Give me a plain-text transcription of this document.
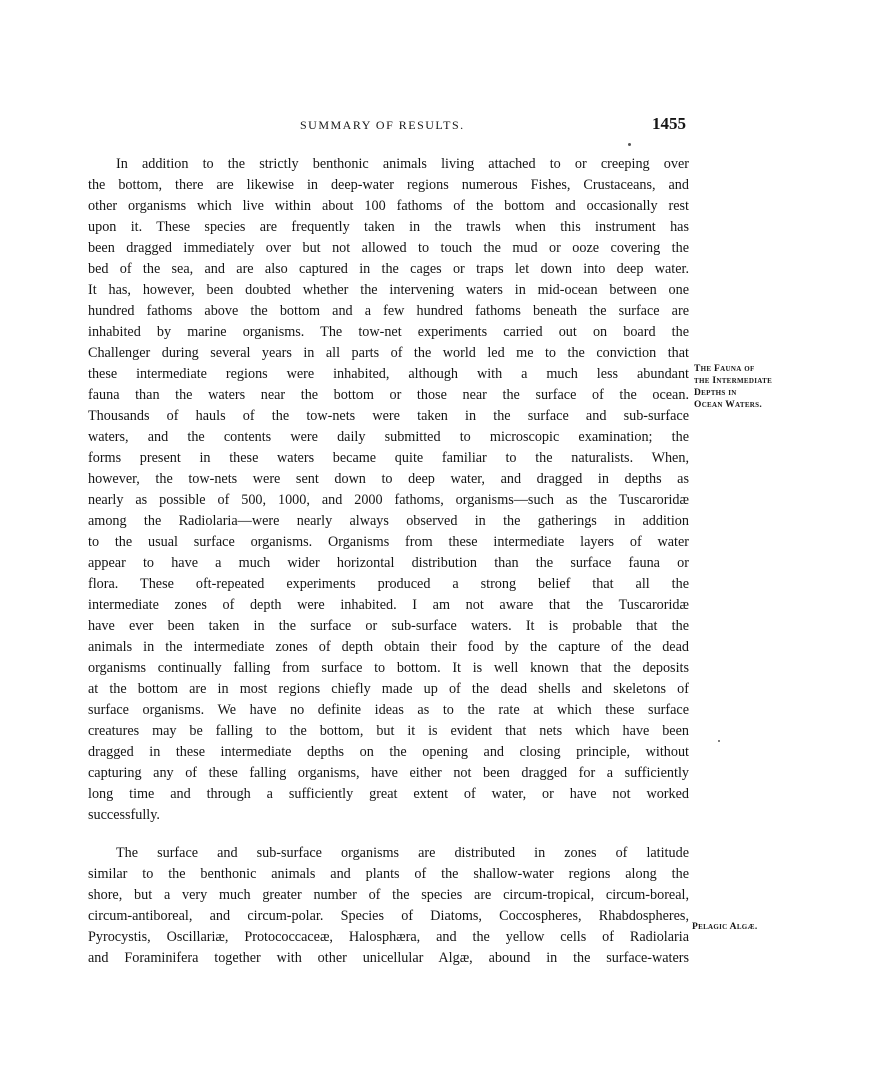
SUMMARY OF RESULTS.	1455
In addition to the strictly benthonic animals living attached to or creeping over
the bottom, there are likewise in deep-water regions numerous Fishes, Crustaceans, and
other organisms which live within about 100 fathoms of the bottom and occasionally rest
upon it. These species are frequently taken in the trawls when this instrument has
been dragged immediately over but not allowed to touch the mud or ooze covering the
bed of the sea, and are also captured in the cages or traps let down into deep water.
It has, however, been doubted whether the intervening waters in mid-ocean between one
hundred fathoms above the bottom and a few hundred fathoms beneath the surface are
inhabited by marine organisms. The tow-net experiments carried out on board the
Challenger during several years in all parts of the world led me to the conviction that
these intermediate regions were inhabited, although with a much less abundant
fauna than the waters near the bottom or those near the surface of the ocean.
Thousands of hauls of the tow-nets were taken in the surface and sub-surface
waters, and the contents were daily submitted to microscopic examination; the
forms present in these waters became quite familiar to the naturalists. When,
however, the tow-nets were sent down to deep water, and dragged in depths as
nearly as possible of 500, 1000, and 2000 fathoms, organisms—such as the Tuscaroridæ
among the Radiolaria—were nearly always observed in the gatherings in addition
to the usual surface organisms. Organisms from these intermediate layers of water
appear to have a much wider horizontal distribution than the surface fauna or
flora. These oft-repeated experiments produced a strong belief that all the
intermediate zones of depth were inhabited. I am not aware that the Tuscaroridæ
have ever been taken in the surface or sub-surface waters. It is probable that the
animals in the intermediate zones of depth obtain their food by the capture of the dead
organisms continually falling from surface to bottom. It is well known that the deposits
at the bottom are in most regions chiefly made up of the dead shells and skeletons of
surface organisms. We have no definite ideas as to the rate at which these surface
creatures may be falling to the bottom, but it is evident that nets which have been
dragged in these intermediate depths on the opening and closing principle, without
capturing any of these falling organisms, have either not been dragged for a sufficiently
long time and through a sufficiently great extent of water, or have not worked
successfully.
The Fauna of
the Intermediate
Depths in
Ocean Waters.
The surface and sub-surface organisms are distributed in zones of latitude
similar to the benthonic animals and plants of the shallow-water regions along the
shore, but a very much greater number of the species are circum-tropical, circum-boreal,
circum-antiboreal, and circum-polar. Species of Diatoms, Coccospheres, Rhabdospheres,
Pyrocystis, Oscillariæ, Protococcaceæ, Halosphæra, and the yellow cells of Radiolaria
and Foraminifera together with other unicellular Algæ, abound in the surface-waters
Pelagic Algæ.
